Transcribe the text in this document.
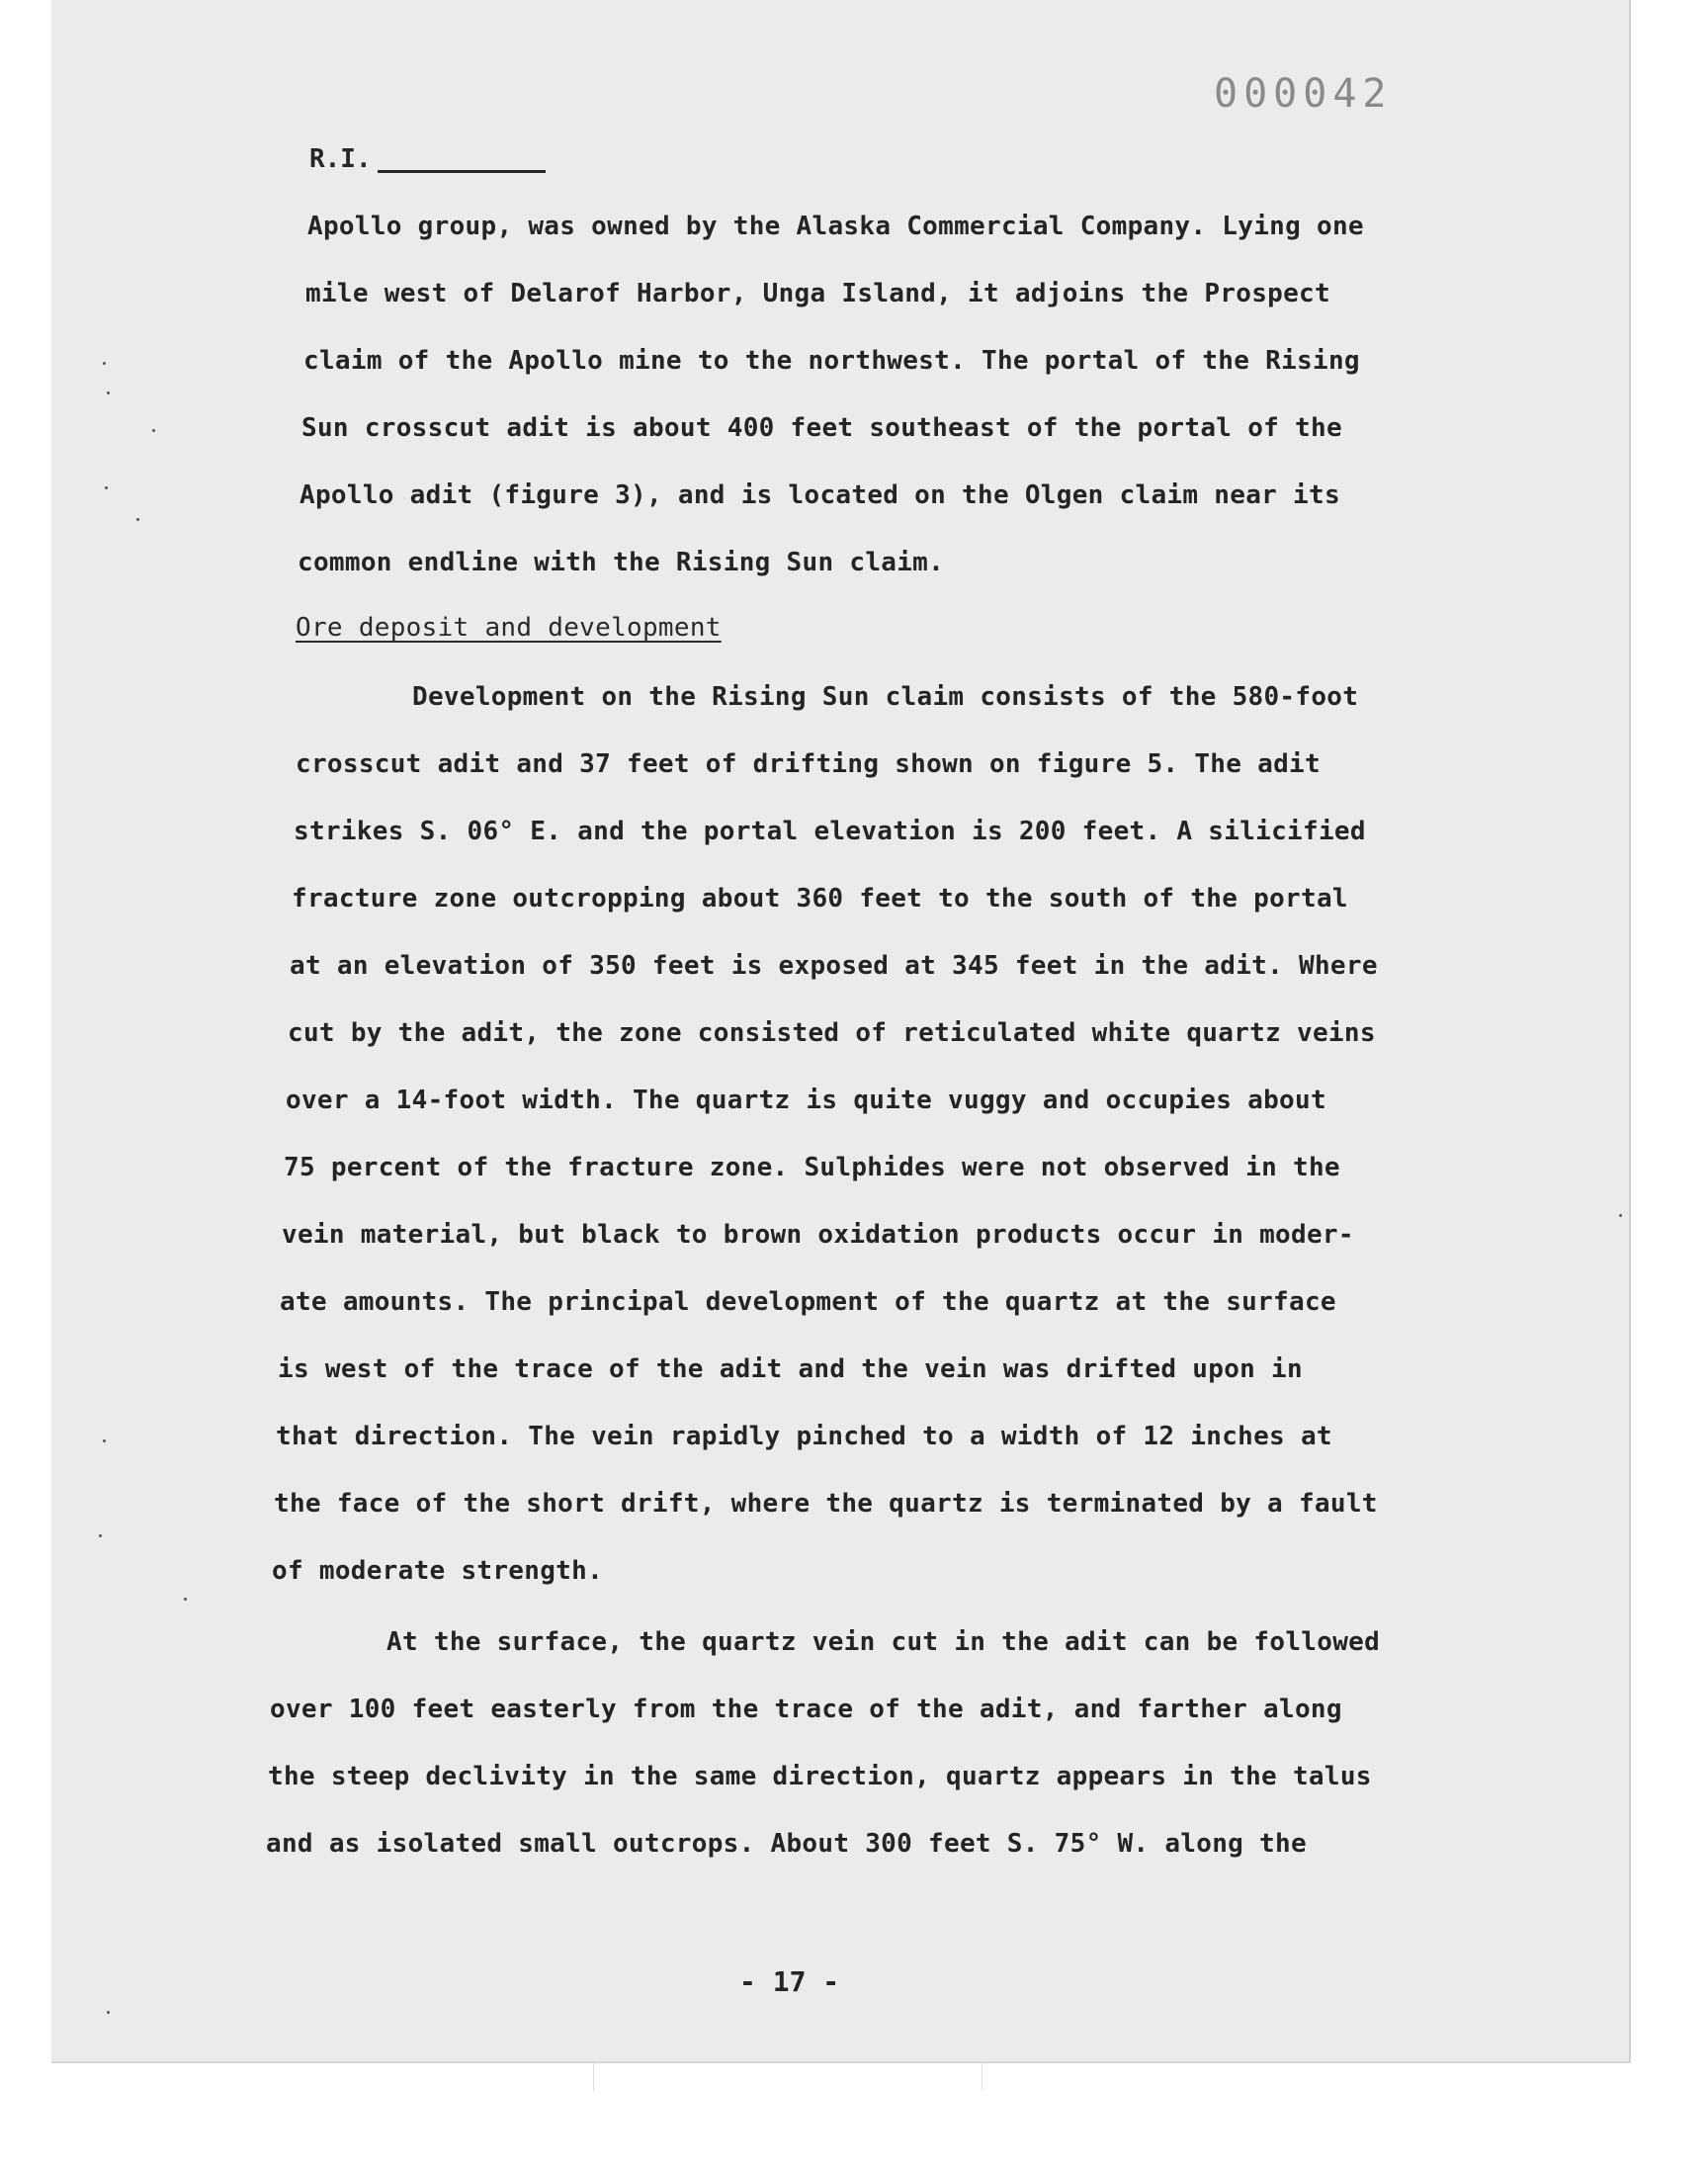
000042
R.I.
Apollo group, was owned by the Alaska Commercial Company. Lying one
mile west of Delarof Harbor, Unga Island, it adjoins the Prospect
claim of the Apollo mine to the northwest. The portal of the Rising
Sun crosscut adit is about 400 feet southeast of the portal of the
Apollo adit (figure 3), and is located on the Olgen claim near its
common endline with the Rising Sun claim.
Ore deposit and development
Development on the Rising Sun claim consists of the 580-foot
crosscut adit and 37 feet of drifting shown on figure 5. The adit
strikes S. 06° E. and the portal elevation is 200 feet. A silicified
fracture zone outcropping about 360 feet to the south of the portal
at an elevation of 350 feet is exposed at 345 feet in the adit. Where
cut by the adit, the zone consisted of reticulated white quartz veins
over a 14-foot width. The quartz is quite vuggy and occupies about
75 percent of the fracture zone. Sulphides were not observed in the
vein material, but black to brown oxidation products occur in moder-
ate amounts. The principal development of the quartz at the surface
is west of the trace of the adit and the vein was drifted upon in
that direction. The vein rapidly pinched to a width of 12 inches at
the face of the short drift, where the quartz is terminated by a fault
of moderate strength.
At the surface, the quartz vein cut in the adit can be followed
over 100 feet easterly from the trace of the adit, and farther along
the steep declivity in the same direction, quartz appears in the talus
and as isolated small outcrops. About 300 feet S. 75° W. along the
- 17 -
